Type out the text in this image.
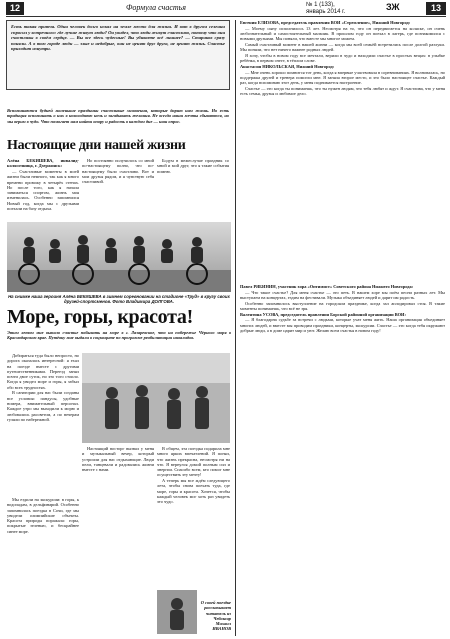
12	Формула счастья	№ 1 (133),
январь 2014 г.	ЗЖ	13
Есть такая притча. Один человек долго искал на земле место для жизни. И вот в другом селении спросил у встречного: где лучше живут люди? Он увидел, что люди живут счастливо, потому что они счастливы в своём сердце. — Вы все здесь чудесные! Вы убиваете всё лишнее? — Стариков сразу поняли. А в том городе люди — злые и недобрые, они не ценят друг друга, не ценят жизнь. Счастье приходит изнутри.
Вспоминаются будней маленькие праздники счастливые мгновения, которые дарит нам жизнь. Но есть традиция вспоминать о них в новогоднюю ночь и загадывать желания. Не всегда наши мечты сбываются, но мы верим в чудо. Что помогает нам найти опору и радость в каждом дне — наш опрос.
Настоящие дни нашей жизни

Алёна БЕКИШЕВА, инвалид-колясочница, г. Дзержинск:

— Счастливые моменты в моей жизни были немного, так как я много времени провожу в четырёх стенах. Но после того, как я начала заниматься спортом, жизнь моя изменилась. Особенно запомнился Новый год, когда мы с друзьями поехали на базу отдыха.

Но постоянно получилось со мной по-настоящему полно, что по-настоящему было счастливо. Вот и мои друзья рядом, и я чувствую себя счастливой.

Бодум в межеслучае праздник со мной и мой друг, что я такие события помню.

На снимке наша героиня Алёна БЕКИШЕВА в зимнем соревновании на стадионе «Труд» в кругу своих друзей-спортсменов. Фото Владимира ДОЛГОВА.
Море, горы, красота!
Этим летом мне выпало счастье побывать на море в г. Лазаревское, что на побережье Чёрного моря в Краснодарском крае. Путёвку мне выдали в соцзащите по программе реабилитации инвалидов.

Добираться туда было непросто, но дорога оказалась интересной: я ехал на поезде вместе с другими путешественниками. Переезд занял почти двое суток, но это того стоило. Когда я увидел море и горы, я забыл обо всех трудностях.

В санатории для нас были созданы все условия: пандусы, удобные номера, внимательный персонал. Каждое утро мы выходили к морю и любовались рассветом, а по вечерам гуляли по набережной.

Мы ездили на экскурсии: в горы, к водопадам, в дельфинарий. Особенно запомнилась поездка в Сочи, где мы увидели олимпийские объекты. Красота природы поражала: горы, покрытые зеленью, и бескрайнее синее море.

Настоящий восторг вызвал у меня и музыкальный вечер, который устроили для нас отдыхающие. Люди пели, танцевали и радовались жизни вместе с нами.

В общем, эта поездка подарила мне много ярких впечатлений. Я понял, что жизнь прекрасна, несмотря ни на что. Я вернулся домой полным сил и энергии. Спасибо всем, кто помог мне осуществить эту мечту!

А теперь мы все ждём следующего лета, чтобы снова поехать туда, где море, горы и красота. Хочется, чтобы каждый человек мог хоть раз увидеть это чудо.

О своей поездке рассказывает читатель из Чебоксар Михаил ИВАНОВ

Евгения ЕЛИЗОВА, председатель правления ВОИ «Стремление», Нижний Новгород:

— Моему сыну исполнилось 13 лет. Несмотря на то, что он передвигается на коляске, он очень любознательный и самостоятельный мальчик. В прошлом году он поехал в лагерь, где познакомился с новыми друзьями. Мы поняли, что вместе мы многое можем.

Самый счастливый момент в нашей жизни — когда мы всей семьёй встретились после долгой разлуки. Мы поняли, что нет ничего важнее родных людей.

Я хочу, чтобы в новом году все мечтали, верили в чудо и находили счастье в простых вещах: в улыбке ребёнка, в первом снеге, в тёплом слове.

Анастасия НИКОЛЬСКАЯ, Нижний Новгород:

— Мне очень хорошо помнится тот день, когда я впервые участвовала в соревнованиях. Я волновалась, но поддержка друзей и тренера помогли мне. Я заняла второе место, и это было настоящее счастье. Каждый раз, когда вспоминаю этот день, у меня поднимается настроение.

Счастье — это когда ты понимаешь, что ты нужен людям, что тебя любят и ждут. Я счастлива, что у меня есть семья, друзья и любимое дело.

Павел РЯБИНИН, участник хора «Оптимист» Советского района Нижнего Новгорода:

— Что такое счастье? Для меня счастье — это петь. В нашем хоре мы поём песни разных лет. Мы выступаем на концертах, ездим на фестивали. Музыка объединяет людей и дарит им радость.

Особенно запомнилось выступление на городском празднике, когда зал аплодировал стоя. В такие моменты понимаешь, что всё не зря.

Валентина УСОВА, председатель правления Борской районной организации ВОИ:

— Я благодарна судьбе за встречи с людьми, которые учат меня жить. Наша организация объединяет многих людей, и вместе мы проводим праздники, концерты, экскурсии. Счастье — это когда тебя окружают добрые люди, а в доме царит мир и уют. Желаю всем счастья в новом году!
